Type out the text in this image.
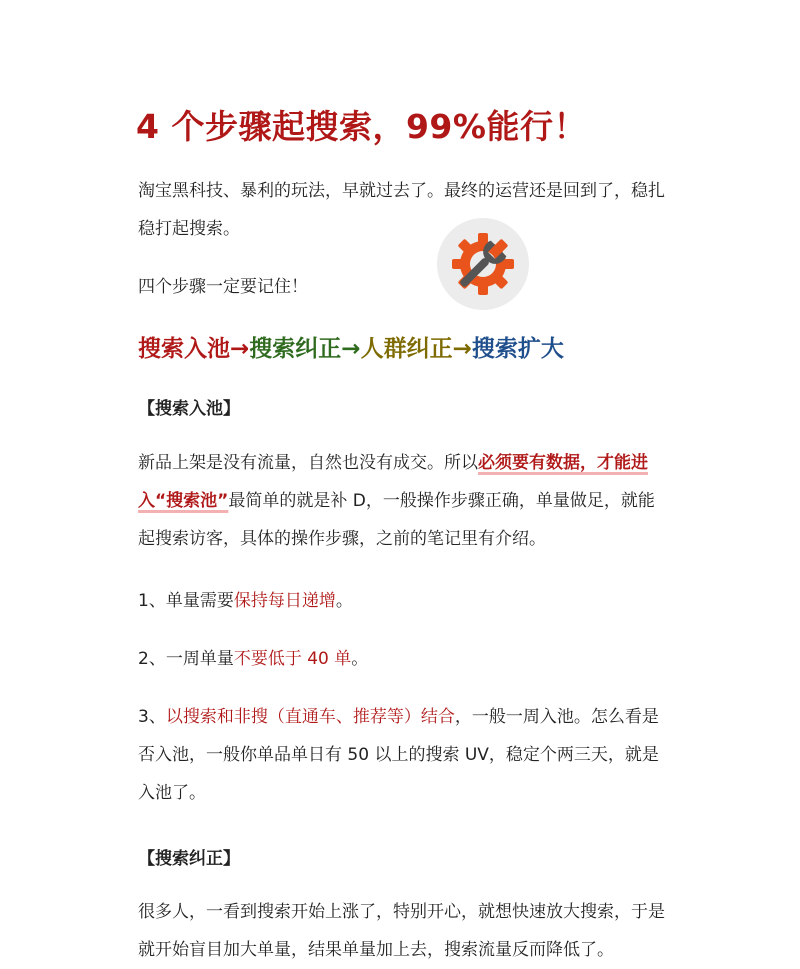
4 个步骤起搜索，99%能行！

淘宝黑科技、暴利的玩法，早就过去了。最终的运营还是回到了，稳扎稳打起搜索。

四个步骤一定要记住！

搜索入池→搜索纠正→人群纠正→搜索扩大
【搜索入池】

新品上架是没有流量，自然也没有成交。所以必须要有数据，才能进入“搜索池”最简单的就是补 D，一般操作步骤正确，单量做足，就能起搜索访客，具体的操作步骤，之前的笔记里有介绍。

1、单量需要保持每日递增。

2、一周单量不要低于 40 单。

3、以搜索和非搜（直通车、推荐等）结合，一般一周入池。怎么看是否入池，一般你单品单日有 50 以上的搜索 UV，稳定个两三天，就是入池了。

【搜索纠正】

很多人，一看到搜索开始上涨了，特别开心，就想快速放大搜索，于是就开始盲目加大单量，结果单量加上去，搜索流量反而降低了。
